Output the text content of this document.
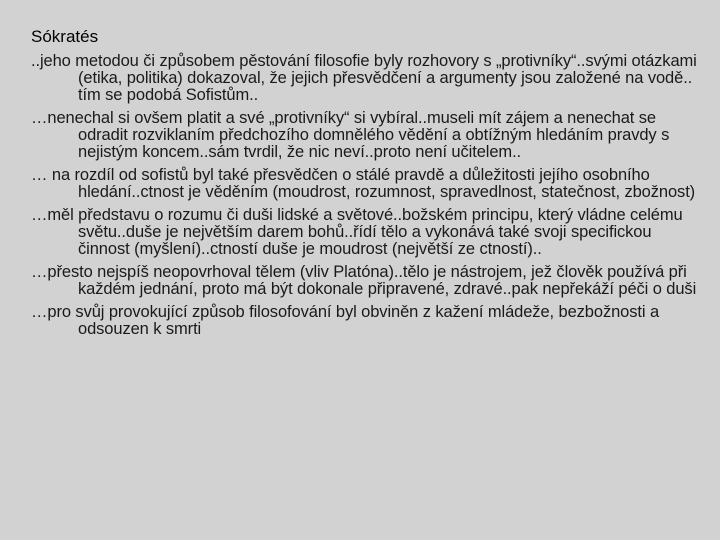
Sókratés
..jeho metodou či způsobem pěstování filosofie byly rozhovory s „protivníky“..svými otázkami (etika, politika) dokazoval, že jejich přesvědčení a argumenty jsou založené na vodě.. tím se podobá Sofistům..
…nenechal si ovšem platit a své „protivníky“ si vybíral..museli mít zájem a nenechat se odradit rozviklaním předchozího domnělého vědění a obtížným hledáním pravdy s nejistým koncem..sám tvrdil, že nic neví..proto není učitelem..
… na rozdíl od sofistů byl také přesvědčen o stálé pravdě a důležitosti jejího osobního hledání..ctnost je věděním (moudrost, rozumnost, spravedlnost, statečnost, zbožnost)
…měl představu o rozumu či duši lidské a světové..božském principu, který vládne celému světu..duše je největším darem bohů..řídí tělo a vykonává také svoji specifickou činnost (myšlení)..ctností duše je moudrost (největší ze ctností)..
…přesto nejspíš neopovrhoval tělem (vliv Platóna)..tělo je nástrojem, jež člověk používá při každém jednání, proto má být dokonale připravené, zdravé..pak nepřekáží péči o duši
…pro svůj provokující způsob filosofování byl obviněn z kažení mládeže, bezbožnosti a odsouzen k smrti
